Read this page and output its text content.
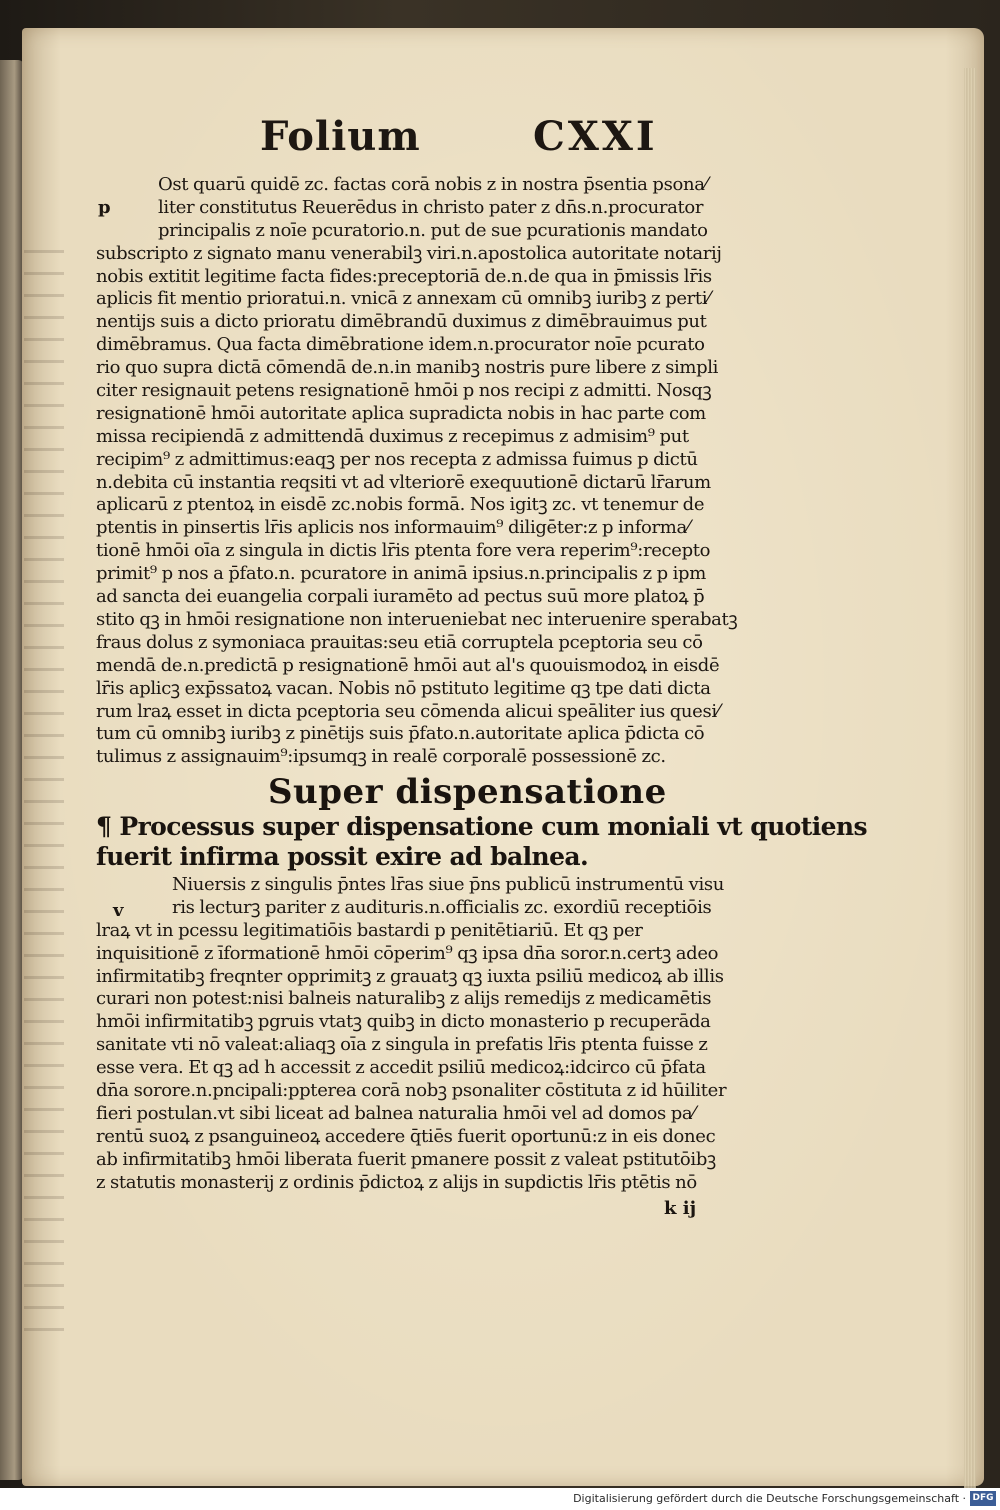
Folium	CXXI
p
Ost quarū quidē zc. factas corā nobis z in nostra p̄sentia psona⁄
liter constitutus Reuerēdus in christo pater z dn̄s.n.procurator
principalis z noīe pcuratorio.n. put de sue pcurationis mandato
subscripto z signato manu venerabilꝫ viri.n.apostolica autoritate notarij
nobis extitit legitime facta fides:preceptoriā de.n.de qua in p̄missis lr̄is
aplicis fit mentio prioratui.n. vnicā z annexam cū omnibꝫ iuribꝫ z perti⁄
nentijs suis a dicto prioratu dimēbrandū duximus z dimēbrauimus put
dimēbramus. Qua facta dimēbratione idem.n.procurator noīe pcurato
rio quo supra dictā cōmendā de.n.in manibꝫ nostris pure libere z simpli
citer resignauit petens resignationē hmōi p nos recipi z admitti. Nosqꝫ
resignationē hmōi autoritate aplica supradicta nobis in hac parte com
missa recipiendā z admittendā duximus z recepimus z admisim⁹ put
recipim⁹ z admittimus:eaqꝫ per nos recepta z admissa fuimus p dictū
n.debita cū instantia reqsiti vt ad vlteriorē exequutionē dictarū lr̄arum
aplicarū z ptentoꝝ in eisdē zc.nobis formā. Nos igitꝫ zc. vt tenemur de
ptentis in pinsertis lr̄is aplicis nos informauim⁹ diligēter:z p informa⁄
tionē hmōi oīa z singula in dictis lr̄is ptenta fore vera reperim⁹:recepto
primit⁹ p nos a p̄fato.n. pcuratore in animā ipsius.n.principalis z p ipm
ad sancta dei euangelia corpali iuramēto ad pectus suū more platoꝝ p̄
stito qꝫ in hmōi resignatione non interueniebat nec interuenire sperabatꝫ
fraus dolus z symoniaca prauitas:seu etiā corruptela pceptoria seu cō
mendā de.n.predictā p resignationē hmōi aut al's quouismodoꝝ in eisdē
lr̄is aplicꝫ exp̄ssatoꝝ vacan. Nobis nō pstituto legitime qꝫ tpe dati dicta
rum lraꝝ esset in dicta pceptoria seu cōmenda alicui speāliter ius quesi⁄
tum cū omnibꝫ iuribꝫ z pinētijs suis p̄fato.n.autoritate aplica p̄dicta cō
tulimus z assignauim⁹:ipsumqꝫ in realē corporalē possessionē zc.
Super dispensatione
¶ Processus super dispensatione cum moniali vt quotiens
fuerit infirma possit exire ad balnea.
v
Niuersis z singulis p̄ntes lr̄as siue p̄ns publicū instrumentū visu
ris lecturꝫ pariter z audituris.n.officialis zc. exordiū receptiōis
lraꝝ vt in pcessu legitimatiōis bastardi p penitētiariū. Et qꝫ per
inquisitionē z īformationē hmōi cōperim⁹ qꝫ ipsa dn̄a soror.n.certꝫ adeo
infirmitatibꝫ freqnter opprimitꝫ z grauatꝫ qꝫ iuxta psiliū medicoꝝ ab illis
curari non potest:nisi balneis naturalibꝫ z alijs remedijs z medicamētis
hmōi infirmitatibꝫ pgruis vtatꝫ quibꝫ in dicto monasterio p recuperāda
sanitate vti nō valeat:aliaqꝫ oīa z singula in prefatis lr̄is ptenta fuisse z
esse vera. Et qꝫ ad h̄ accessit z accedit psiliū medicoꝝ:idcirco cū p̄fata
dn̄a sorore.n.pncipali:ppterea corā nobꝫ psonaliter cōstituta z id hūiliter
fieri postulan.vt sibi liceat ad balnea naturalia hmōi vel ad domos pa⁄
rentū suoꝝ z psanguineoꝝ accedere q̄tiēs fuerit oportunū:z in eis donec
ab infirmitatibꝫ hmōi liberata fuerit pmanere possit z valeat pstitutōibꝫ
z statutis monasterij z ordinis p̄dictoꝝ z alijs in supdictis lr̄is ptētis nō
k ij
Digitalisierung gefördert durch die Deutsche Forschungsgemeinschaft · DFG
